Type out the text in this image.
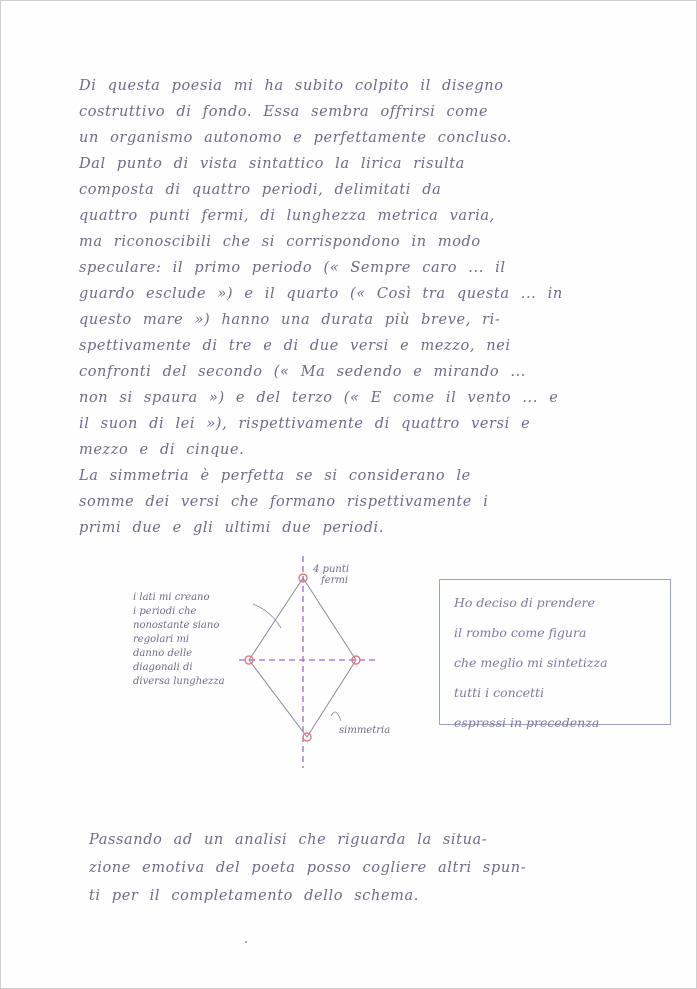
Di questa poesia mi ha subito colpito il disegno
costruttivo di fondo. Essa sembra offrirsi come
un organismo autonomo e perfettamente concluso.
Dal punto di vista sintattico la lirica risulta
composta di quattro periodi, delimitati da
quattro punti fermi, di lunghezza metrica varia,
ma riconoscibili che si corrispondono in modo
speculare: il primo periodo (« Sempre caro ... il
guardo esclude ») e il quarto (« Così tra questa ... in
questo mare ») hanno una durata più breve, ri-
spettivamente di tre e di due versi e mezzo, nei
confronti del secondo (« Ma sedendo e mirando ...
non si spaura ») e del terzo (« E come il vento ... e
il suon di lei »), rispettivamente di quattro versi e
mezzo e di cinque.
La simmetria è perfetta se si considerano le
somme dei versi che formano rispettivamente i
primi due e gli ultimi due periodi.
i lati mi creano
i periodi che
nonostante siano
regolari mi
danno delle
diagonali di
diversa lunghezza
4 punti
fermi
simmetria
Ho deciso di prendere
il rombo come figura
che meglio mi sintetizza
tutti i concetti
espressi in precedenza
Passando ad un analisi che riguarda la situa-
zione emotiva del poeta posso cogliere altri spun-
ti per il completamento dello schema.
